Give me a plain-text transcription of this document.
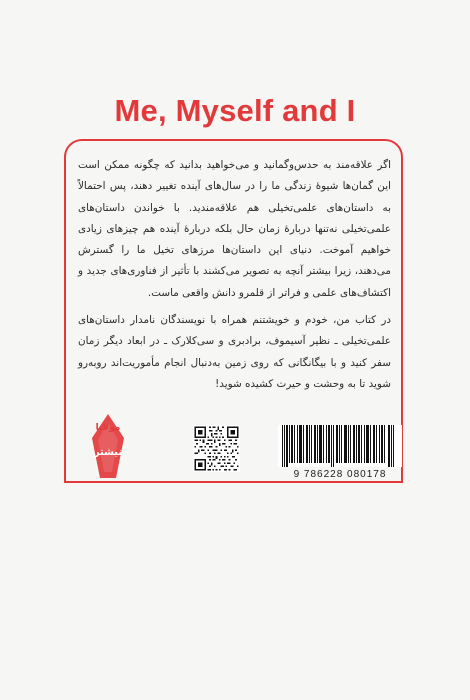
Me, Myself and I

اگر علاقه‌مند به حدس‌وگمانید و می‌خواهید بدانید که چگونه ممکن است این گمان‌ها شیوهٔ زندگی ما را در سال‌های آینده تغییر دهند، پس احتمالاً به داستان‌های علمی‌تخیلی هم علاقه‌مندید. با خواندن داستان‌های علمی‌تخیلی نه‌تنها دربارهٔ زمان حال بلکه دربارهٔ آینده هم چیزهای زیادی خواهیم آموخت. دنیای این داستان‌ها مرزهای تخیل ما را گسترش می‌دهند، زیرا بیشتر آنچه به تصویر می‌کشند با تأثیر از فناوری‌های جدید و اکتشاف‌های علمی و فراتر از قلمرو دانش واقعی ماست.

در کتاب من، خودم و خویشتنم همراه با نویسندگان نامدار داستان‌های علمی‌تخیلی ـ نظیر آسیموف، برادبری و سی‌کلارک ـ در ابعاد دیگر زمان سفر کنید و با بیگانگانی که روی زمین به‌دنبال انجام مأموریت‌اند روبه‌رو شوید تا به وحشت و حیرت کشیده شوید!

مولانا
نیشتر
9 786228 080178
